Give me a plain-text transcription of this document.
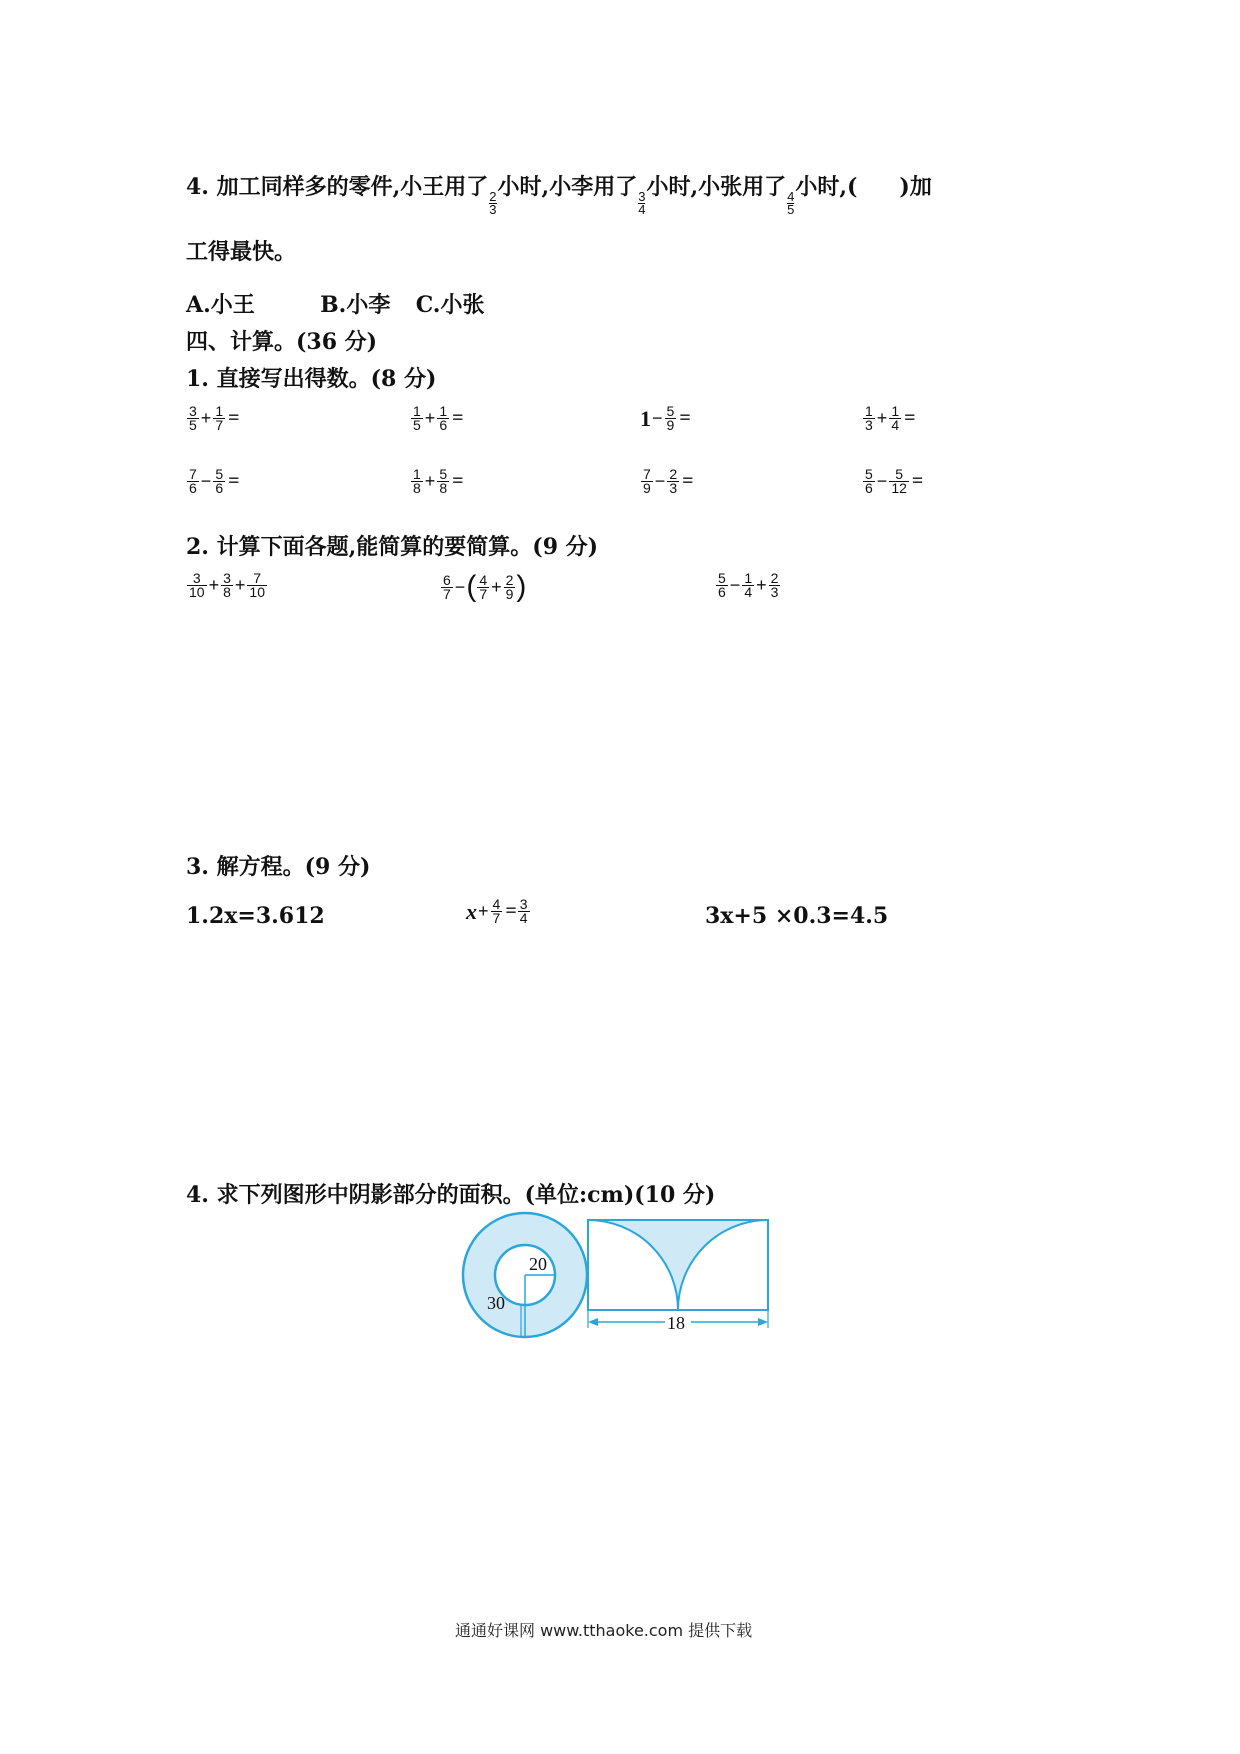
4. 加工同样多的零件,小王用了
$\frac{2}{3}$
小时,小李用了
$\frac{3}{4}$
小时,小张用了
$\frac{4}{5}$
小时,( )加
工得最快。
A.小王	B.小李 C.小张
四、计算。(36 分)
1. 直接写出得数。(8 分)
$\frac{3}{5} + \frac{1}{7}$ =	$\frac{1}{5} + \frac{1}{6}$ =	$1 - \frac{5}{9}$ =	$\frac{1}{3} + \frac{1}{4}$ =
$\frac{7}{6} - \frac{5}{6}$ =	$\frac{1}{8} + \frac{5}{8}$ =	$\frac{7}{9} - \frac{2}{3}$ =	$\frac{5}{6} - \frac{5}{12}$ =
2. 计算下面各题,能简算的要简算。(9 分)
$\frac{3}{10} + \frac{3}{8} + \frac{7}{10}$	$\frac{6}{7}$ − ( $\frac{4}{7} + \frac{2}{9}$ )	$\frac{5}{6} - \frac{1}{4} + \frac{2}{3}$
3. 解方程。(9 分)
1.2x=3.612	$x + \frac{4}{7} = \frac{3}{4}$	3x+5 ×0.3=4.5
4. 求下列图形中阴影部分的面积。(单位:cm)(10 分)
20
30
18
通通好课网 www.tthaoke.com 提供下载
